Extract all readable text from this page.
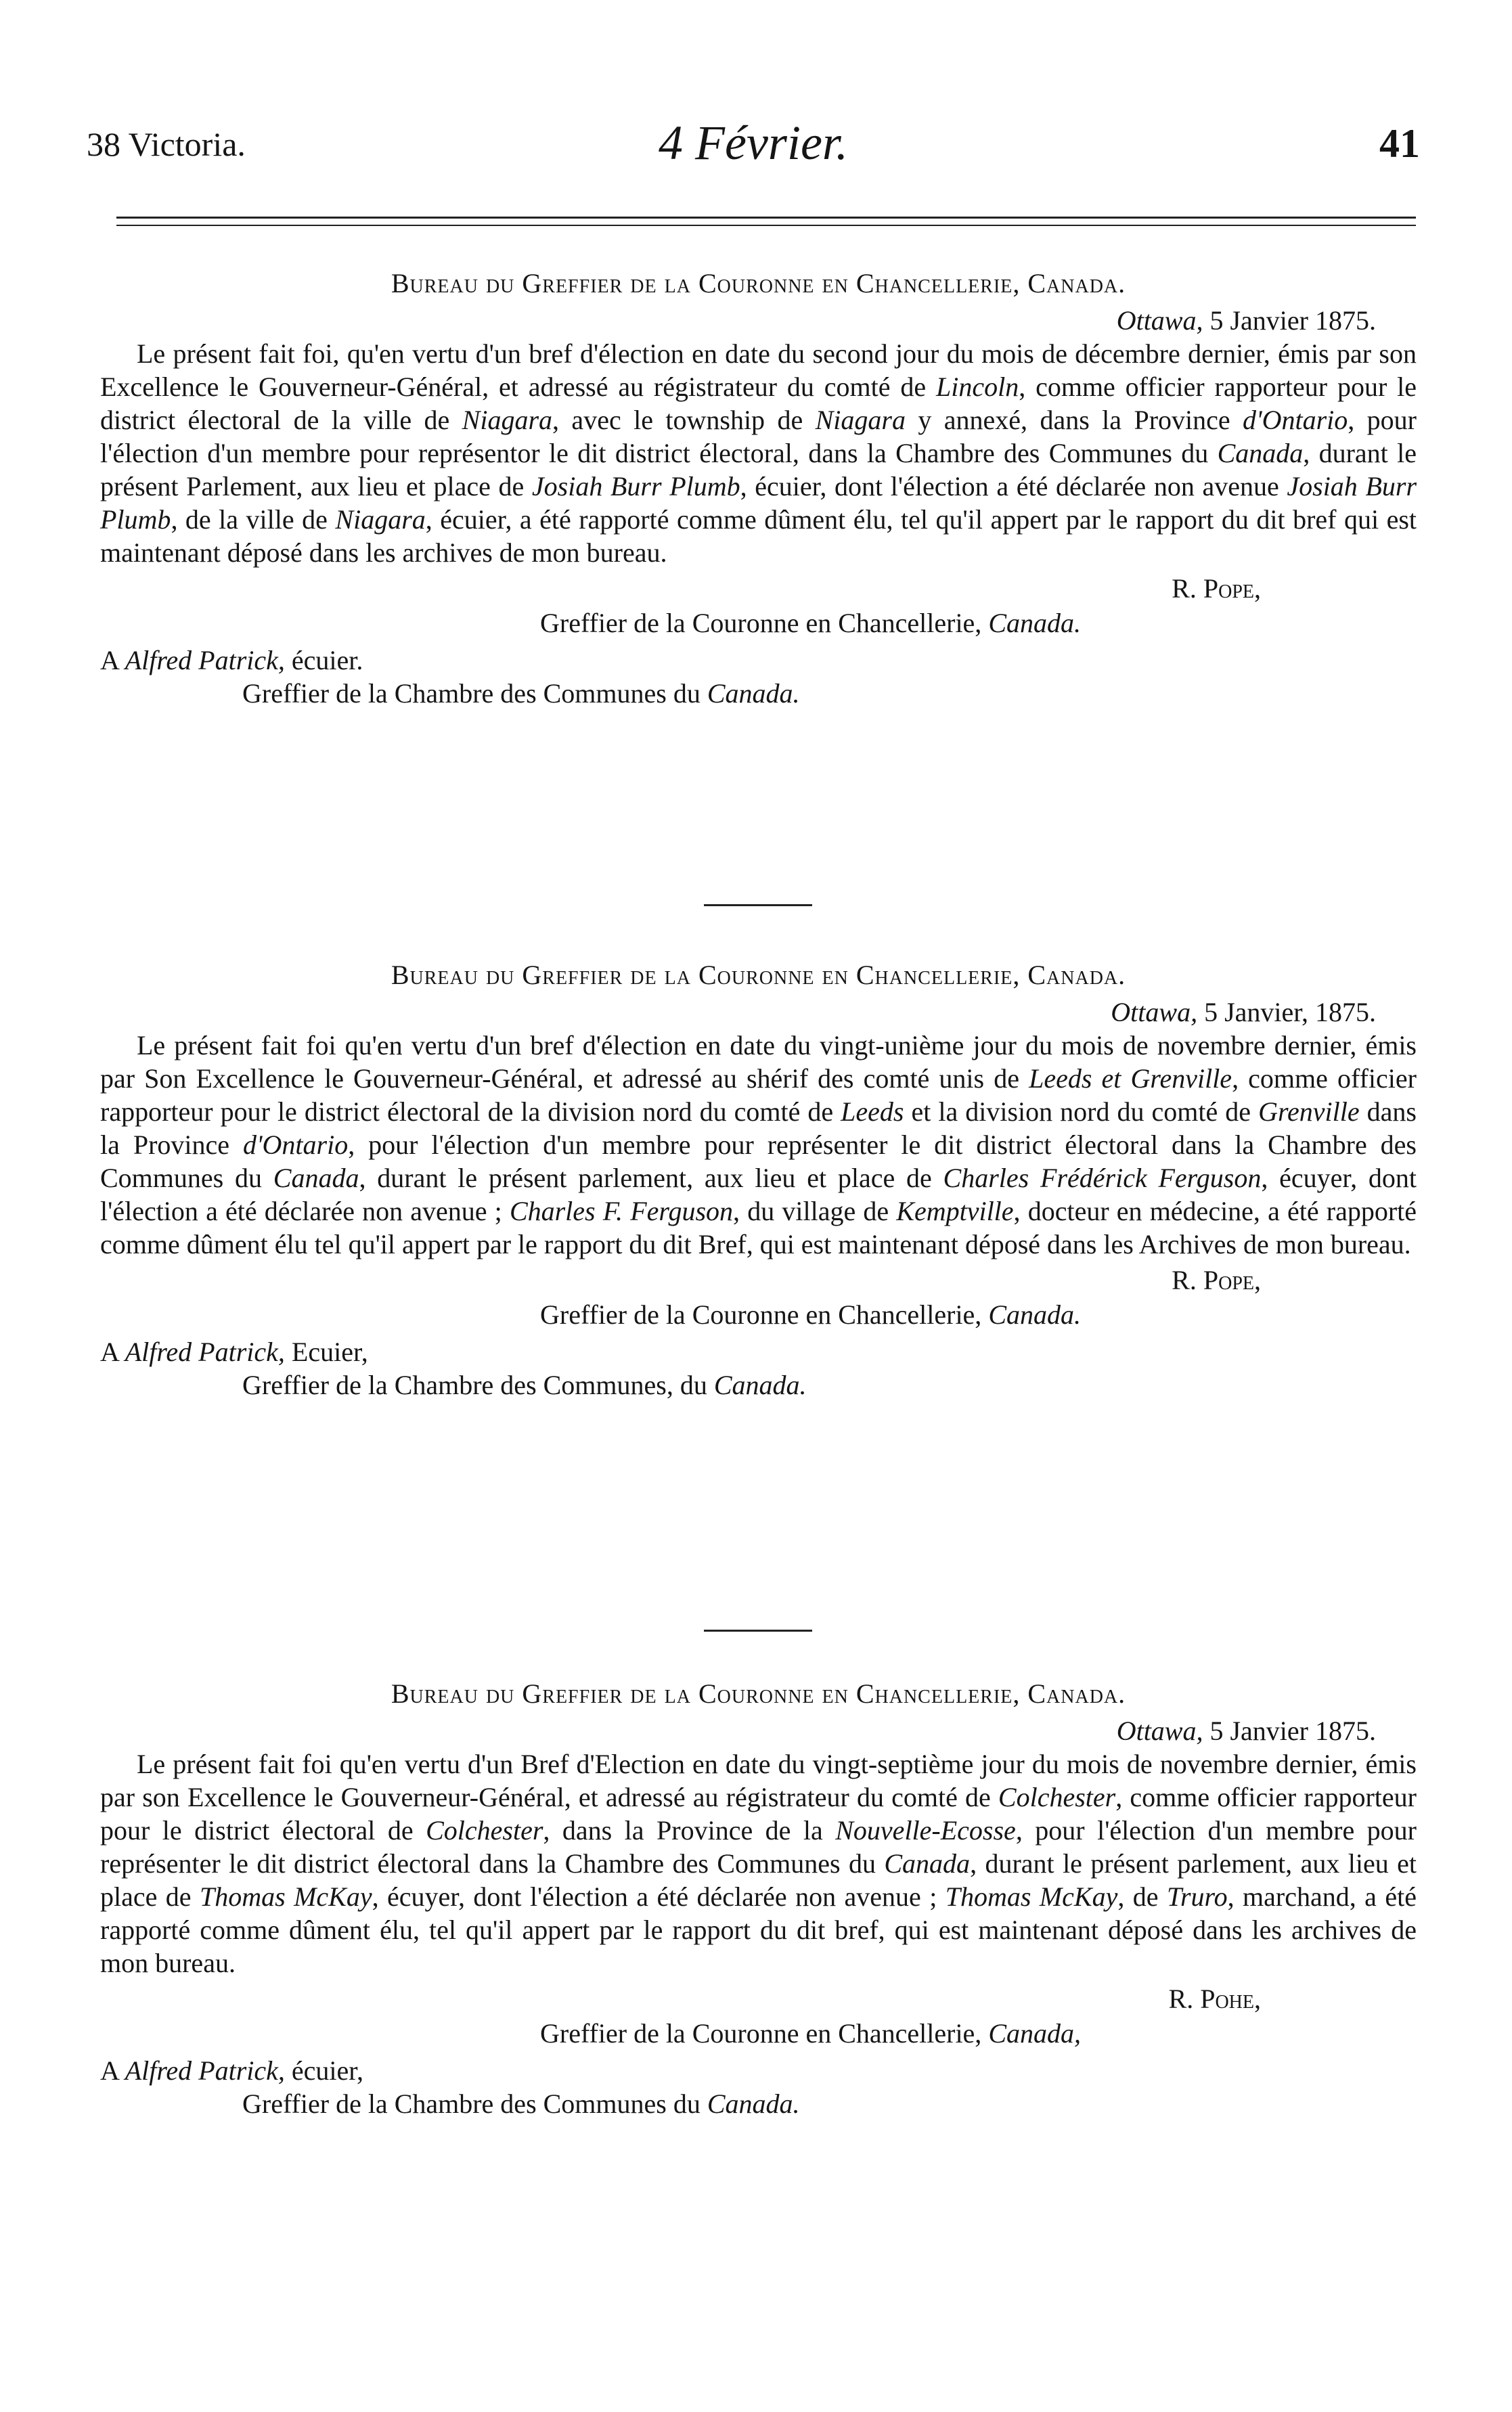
38 Victoria.	4 Février.	41
Bureau du Greffier de la Couronne en Chancellerie, Canada.
Ottawa, 5 Janvier 1875.

Le présent fait foi, qu'en vertu d'un bref d'élection en date du second jour du mois de décembre dernier, émis par son Excellence le Gouverneur-Général, et adressé au régistrateur du comté de Lincoln, comme officier rapporteur pour le district électoral de la ville de Niagara, avec le township de Niagara y annexé, dans la Province d'Ontario, pour l'élection d'un membre pour représentor le dit district électoral, dans la Chambre des Communes du Canada, durant le présent Parlement, aux lieu et place de Josiah Burr Plumb, écuier, dont l'élection a été déclarée non avenue Josiah Burr Plumb, de la ville de Niagara, écuier, a été rapporté comme dûment élu, tel qu'il appert par le rapport du dit bref qui est maintenant déposé dans les archives de mon bureau.

R. Pope,
Greffier de la Couronne en Chancellerie, Canada.
A Alfred Patrick, écuier.
Greffier de la Chambre des Communes du Canada.
Bureau du Greffier de la Couronne en Chancellerie, Canada.
Ottawa, 5 Janvier, 1875.

Le présent fait foi qu'en vertu d'un bref d'élection en date du vingt-unième jour du mois de novembre dernier, émis par Son Excellence le Gouverneur-Général, et adressé au shérif des comté unis de Leeds et Grenville, comme officier rapporteur pour le district électoral de la division nord du comté de Leeds et la division nord du comté de Grenville dans la Province d'Ontario, pour l'élection d'un membre pour représenter le dit district électoral dans la Chambre des Communes du Canada, durant le présent parlement, aux lieu et place de Charles Frédérick Ferguson, écuyer, dont l'élection a été déclarée non avenue ; Charles F. Ferguson, du village de Kemptville, docteur en médecine, a été rapporté comme dûment élu tel qu'il appert par le rapport du dit Bref, qui est maintenant déposé dans les Archives de mon bureau.

R. Pope,
Greffier de la Couronne en Chancellerie, Canada.
A Alfred Patrick, Ecuier,
Greffier de la Chambre des Communes, du Canada.
Bureau du Greffier de la Couronne en Chancellerie, Canada.
Ottawa, 5 Janvier 1875.

Le présent fait foi qu'en vertu d'un Bref d'Election en date du vingt-septième jour du mois de novembre dernier, émis par son Excellence le Gouverneur-Général, et adressé au régistrateur du comté de Colchester, comme officier rapporteur pour le district électoral de Colchester, dans la Province de la Nouvelle-Ecosse, pour l'élection d'un membre pour représenter le dit district électoral dans la Chambre des Communes du Canada, durant le présent parlement, aux lieu et place de Thomas McKay, écuyer, dont l'élection a été déclarée non avenue ; Thomas McKay, de Truro, marchand, a été rapporté comme dûment élu, tel qu'il appert par le rapport du dit bref, qui est maintenant déposé dans les archives de mon bureau.

R. Pohe,
Greffier de la Couronne en Chancellerie, Canada,
A Alfred Patrick, écuier,
Greffier de la Chambre des Communes du Canada.
